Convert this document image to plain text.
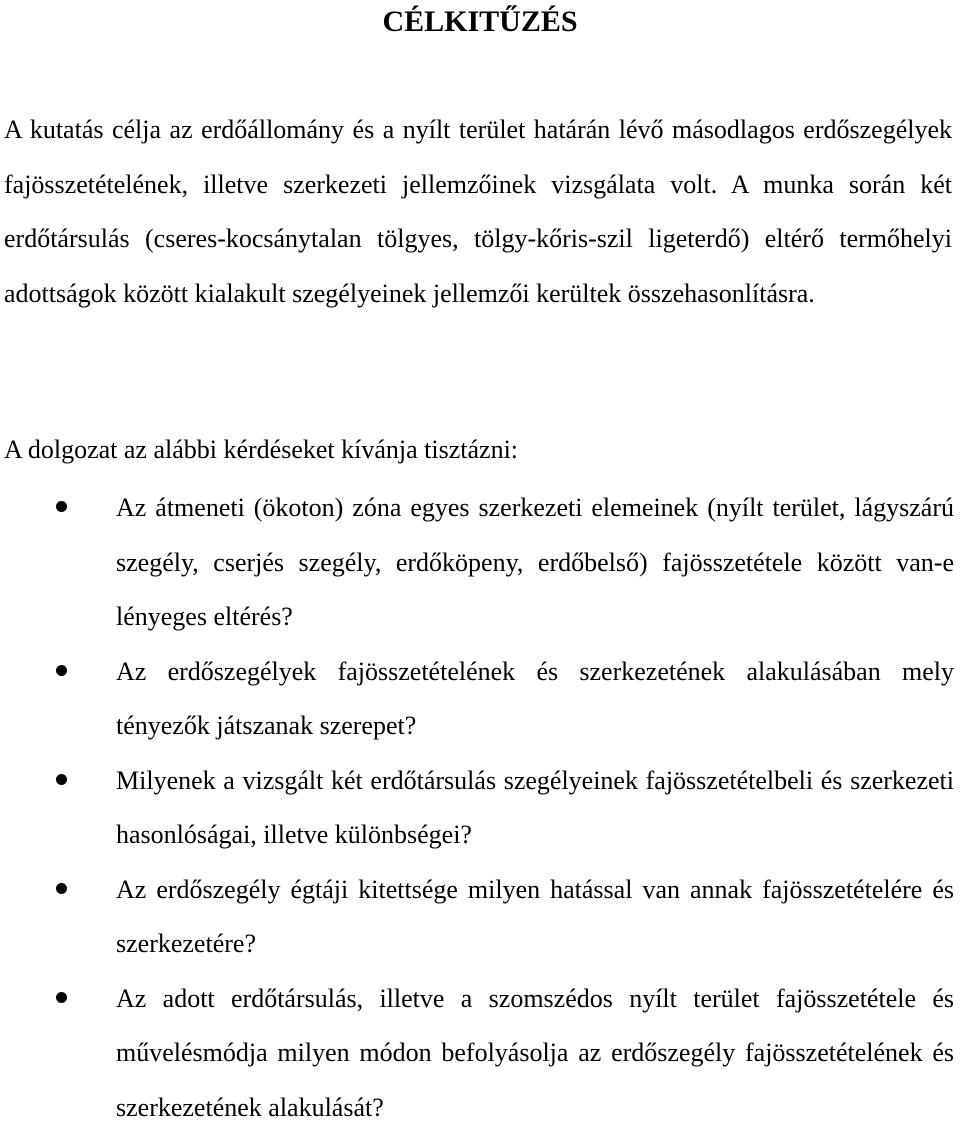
CÉLKITŰZÉS

A kutatás célja az erdőállomány és a nyílt terület határán lévő másodlagos erdőszegélyek fajösszetételének, illetve szerkezeti jellemzőinek vizsgálata volt. A munka során két erdőtársulás (cseres-kocsánytalan tölgyes, tölgy-kőris-szil ligeterdő) eltérő termőhelyi adottságok között kialakult szegélyeinek jellemzői kerültek összehasonlításra.

A dolgozat az alábbi kérdéseket kívánja tisztázni:

Az átmeneti (ökoton) zóna egyes szerkezeti elemeinek (nyílt terület, lágyszárú szegély, cserjés szegély, erdőköpeny, erdőbelső) fajösszetétele között van-e lényeges eltérés?
Az erdőszegélyek fajösszetételének és szerkezetének alakulásában mely tényezők játszanak szerepet?
Milyenek a vizsgált két erdőtársulás szegélyeinek fajösszetételbeli és szerkezeti hasonlóságai, illetve különbségei?
Az erdőszegély égtáji kitettsége milyen hatással van annak fajösszetételére és szerkezetére?
Az adott erdőtársulás, illetve a szomszédos nyílt terület fajösszetétele és művelésmódja milyen módon befolyásolja az erdőszegély fajösszetételének és szerkezetének alakulását?
